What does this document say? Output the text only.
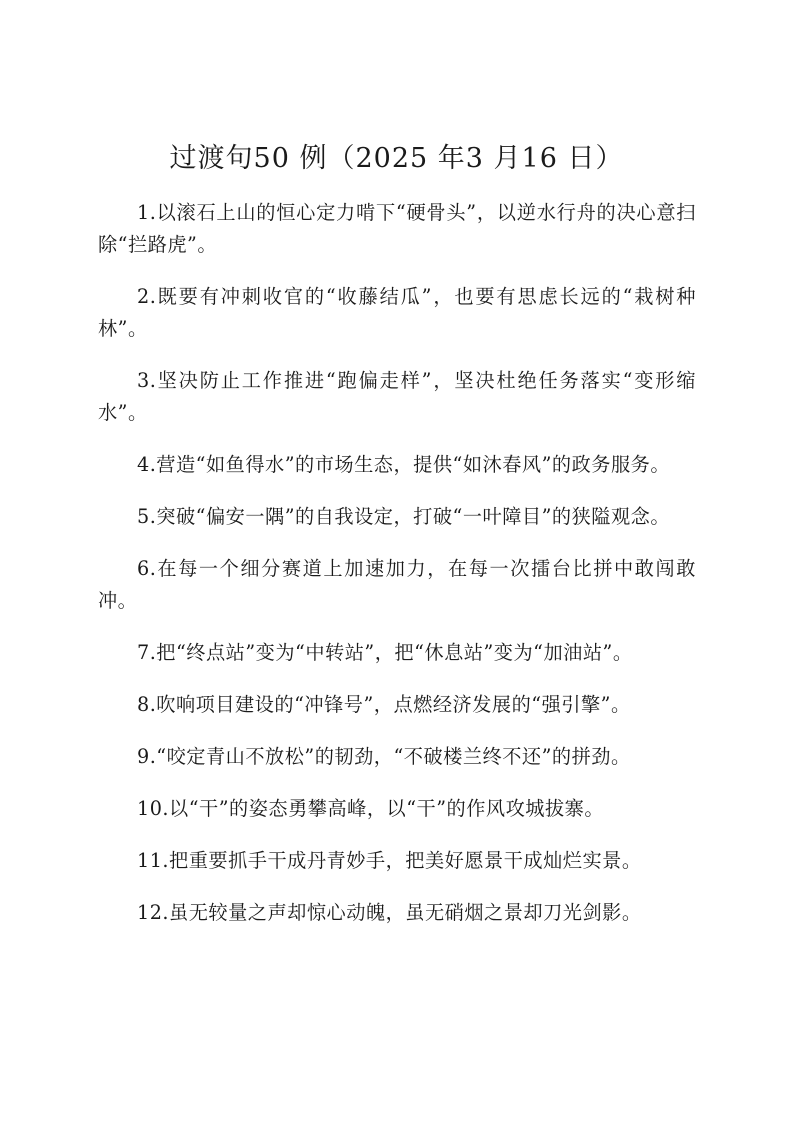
过渡句50 例（2025 年3 月16 日）

1.以滚石上山的恒心定力啃下“硬骨头”，以逆水行舟的决心意扫除“拦路虎”。

2.既要有冲刺收官的“收藤结瓜”，也要有思虑长远的“栽树种林”。

3.坚决防止工作推进“跑偏走样”，坚决杜绝任务落实“变形缩水”。

4.营造“如鱼得水”的市场生态，提供“如沐春风”的政务服务。

5.突破“偏安一隅”的自我设定，打破“一叶障目”的狭隘观念。

6.在每一个细分赛道上加速加力，在每一次擂台比拼中敢闯敢冲。

7.把“终点站”变为“中转站”，把“休息站”变为“加油站”。

8.吹响项目建设的“冲锋号”，点燃经济发展的“强引擎”。

9.“咬定青山不放松”的韧劲，“不破楼兰终不还”的拼劲。

10.以“干”的姿态勇攀高峰，以“干”的作风攻城拔寨。

11.把重要抓手干成丹青妙手，把美好愿景干成灿烂实景。

12.虽无较量之声却惊心动魄，虽无硝烟之景却刀光剑影。
